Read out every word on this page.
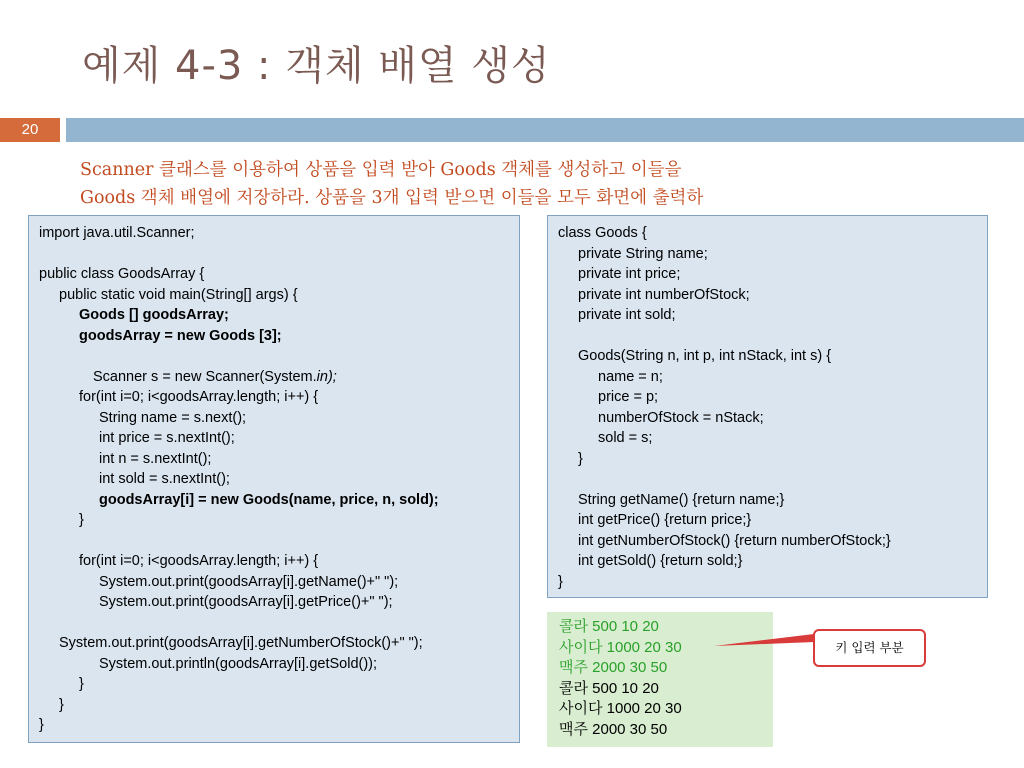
예제 4-3 : 객체 배열 생성
20
Scanner 클래스를 이용하여 상품을 입력 받아 Goods 객체를 생성하고 이들을
Goods 객체 배열에 저장하라. 상품을 3개 입력 받으면 이들을 모두 화면에 출력하
import java.util.Scanner;
public class GoodsArray {
public static void main(String[] args) {
Goods [] goodsArray;
goodsArray = new Goods [3];
Scanner s = new Scanner(System.in);
for(int i=0; i<goodsArray.length; i++) {
String name = s.next();
int price = s.nextInt();
int n = s.nextInt();
int sold = s.nextInt();
goodsArray[i] = new Goods(name, price, n, sold);
}
for(int i=0; i<goodsArray.length; i++) {
System.out.print(goodsArray[i].getName()+" ");
System.out.print(goodsArray[i].getPrice()+" ");
System.out.print(goodsArray[i].getNumberOfStock()+" ");
System.out.println(goodsArray[i].getSold());
}
}
}
class Goods {
private String name;
private int price;
private int numberOfStock;
private int sold;
Goods(String n, int p, int nStack, int s) {
name = n;
price = p;
numberOfStock = nStack;
sold = s;
}
String getName() {return name;}
int getPrice() {return price;}
int getNumberOfStock() {return numberOfStock;}
int getSold() {return sold;}
}
콜라 500 10 20
사이다 1000 20 30
맥주 2000 30 50
콜라 500 10 20
사이다 1000 20 30
맥주 2000 30 50
키 입력 부분
